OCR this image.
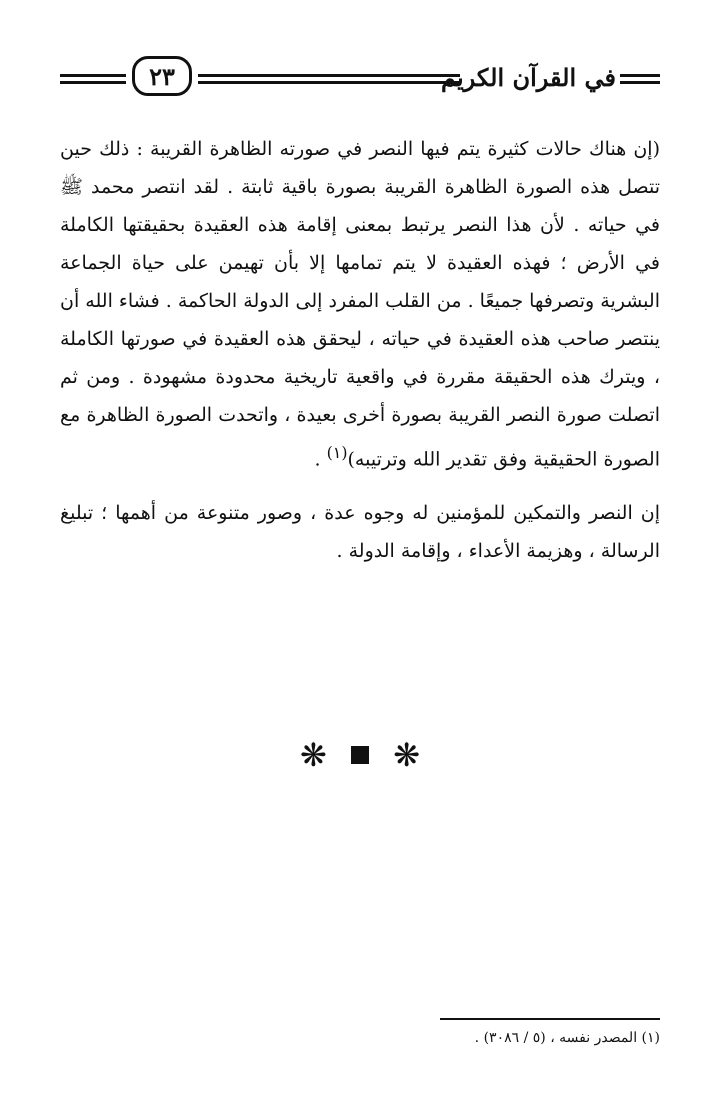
٢٣	في القرآن الكريم

(إن هناك حالات كثيرة يتم فيها النصر في صورته الظاهرة القريبة : ذلك حين تتصل هذه الصورة الظاهرة القريبة بصورة باقية ثابتة . لقد انتصر محمد ﷺ في حياته . لأن هذا النصر يرتبط بمعنى إقامة هذه العقيدة بحقيقتها الكاملة في الأرض ؛ فهذه العقيدة لا يتم تمامها إلا بأن تهيمن على حياة الجماعة البشرية وتصرفها جميعًا . من القلب المفرد إلى الدولة الحاكمة . فشاء الله أن ينتصر صاحب هذه العقيدة في حياته ، ليحقق هذه العقيدة في صورتها الكاملة ، ويترك هذه الحقيقة مقررة في واقعية تاريخية محدودة مشهودة . ومن ثم اتصلت صورة النصر القريبة بصورة أخرى بعيدة ، واتحدت الصورة الظاهرة مع الصورة الحقيقية وفق تقدير الله وترتيبه)$^{(١)}$ .

إن النصر والتمكين للمؤمنين له وجوه عدة ، وصور متنوعة من أهمها ؛ تبليغ الرسالة ، وهزيمة الأعداء ، وإقامة الدولة .

❋ ❋
(١) المصدر نفسه ، (٥ / ٣٠٨٦) .
